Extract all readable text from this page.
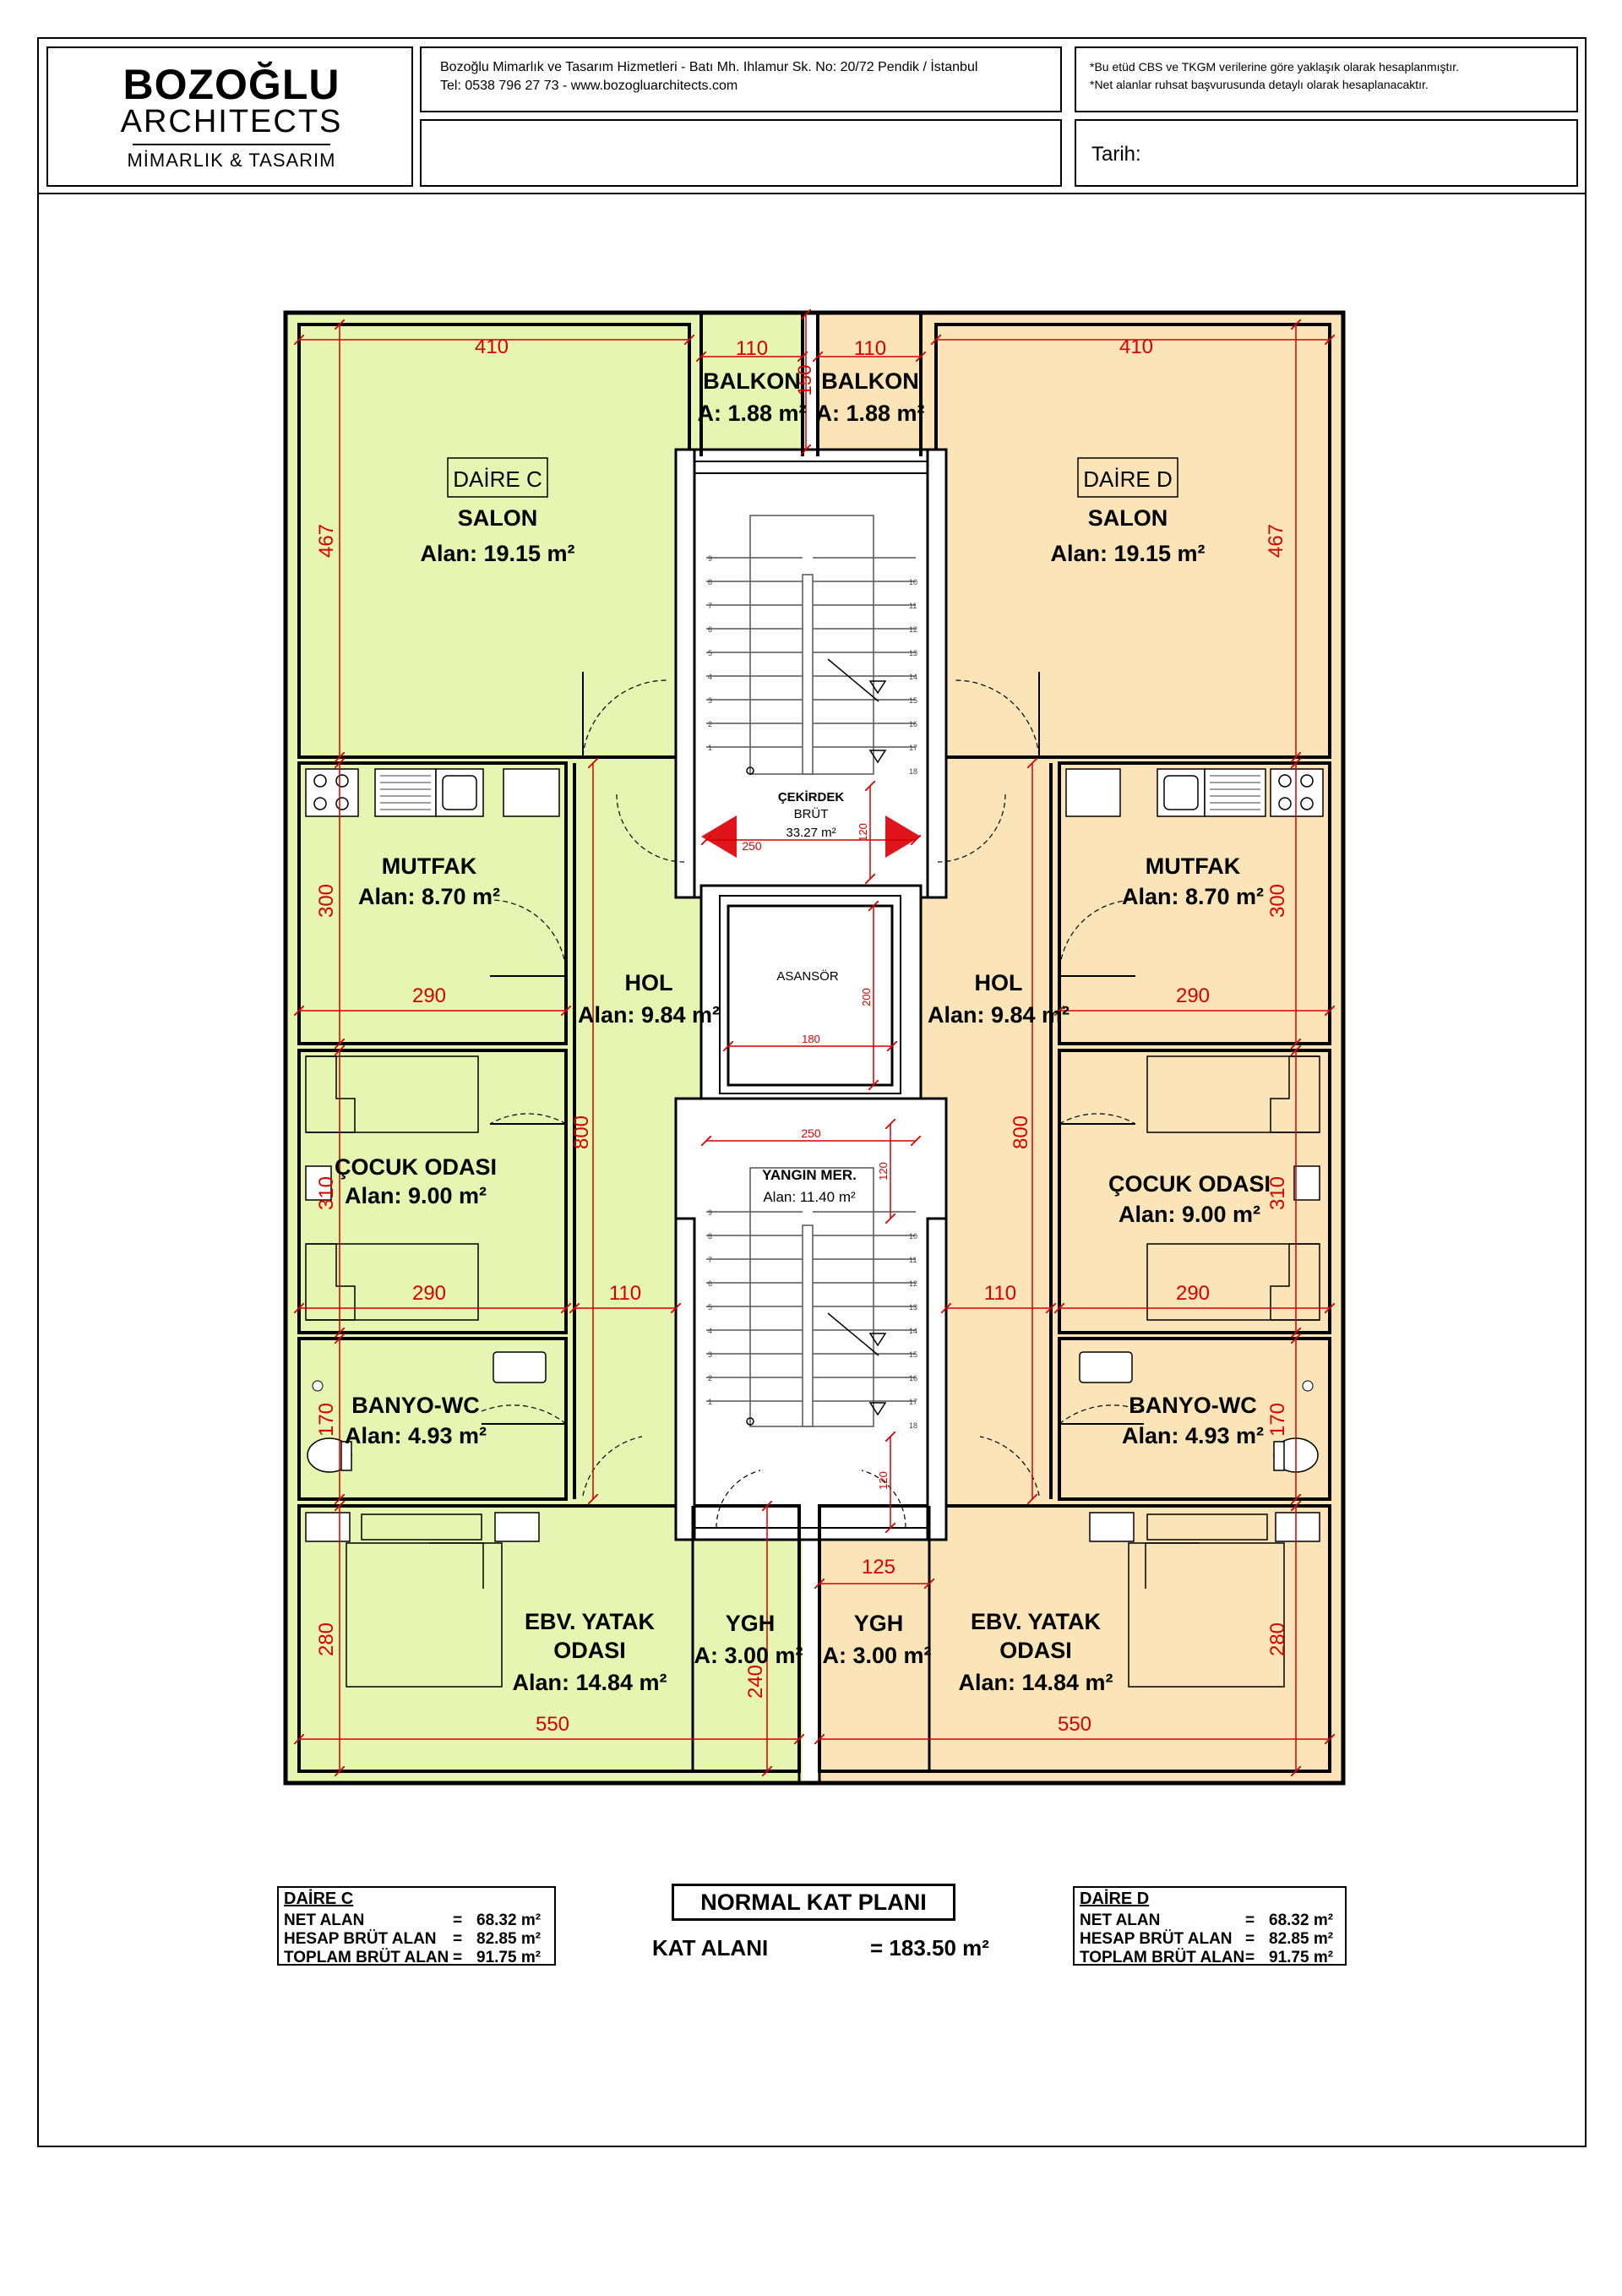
BOZOĞLU
ARCHITECTS
MİMARLIK & TASARIM
Bozoğlu Mimarlık ve Tasarım Hizmetleri - Batı Mh. Ihlamur Sk. No: 20/72 Pendik / İstanbul
Tel: 0538 796 27 73 - www.bozogluarchitects.com
*Bu etüd CBS ve TKGM verilerine göre yaklaşık olarak hesaplanmıştır.
*Net alanlar ruhsat başvurusunda detaylı olarak hesaplanacaktır.
Tarih:
9
8
7
6
5
4
3
2
1
10
11
12
13
14
15
16
17
18
9
8
7
6
5
4
3
2
1
10
11
12
13
14
15
16
17
18
410	410
110	110
150
467	467
290	290
300	300
290	290
310	310
110	110
800	800
170	170
550	550
280	280
240
125
180
200
250
120
250
120
120
DAİRE C	DAİRE D
SALON
Alan: 19.15 m²
SALON
Alan: 19.15 m²
BALKON
A: 1.88 m²
BALKON
A: 1.88 m²
MUTFAK
Alan: 8.70 m²
MUTFAK
Alan: 8.70 m²
HOL
Alan: 9.84 m²
HOL
Alan: 9.84 m²
ÇOCUK ODASI
Alan: 9.00 m²	ÇOCUK ODASI
Alan: 9.00 m²
BANYO-WC
Alan: 4.93 m²
BANYO-WC
Alan: 4.93 m²
EBV. YATAK
ODASI
Alan: 14.84 m²
EBV. YATAK
ODASI
Alan: 14.84 m²
YGH
A: 3.00 m²
YGH
A: 3.00 m²
ÇEKİRDEK
BRÜT
33.27 m²
ASANSÖR
YANGIN MER.
Alan: 11.40 m²
DAİRE C
NET ALAN	= 68.32 m²
HESAP BRÜT ALAN = 82.85 m²
TOPLAM BRÜT ALAN = 91.75 m²
NORMAL KAT PLANI
KAT ALANI	= 183.50 m²
DAİRE D
NET ALAN	= 68.32 m²
HESAP BRÜT ALAN = 82.85 m²
TOPLAM BRÜT ALAN = 91.75 m²
